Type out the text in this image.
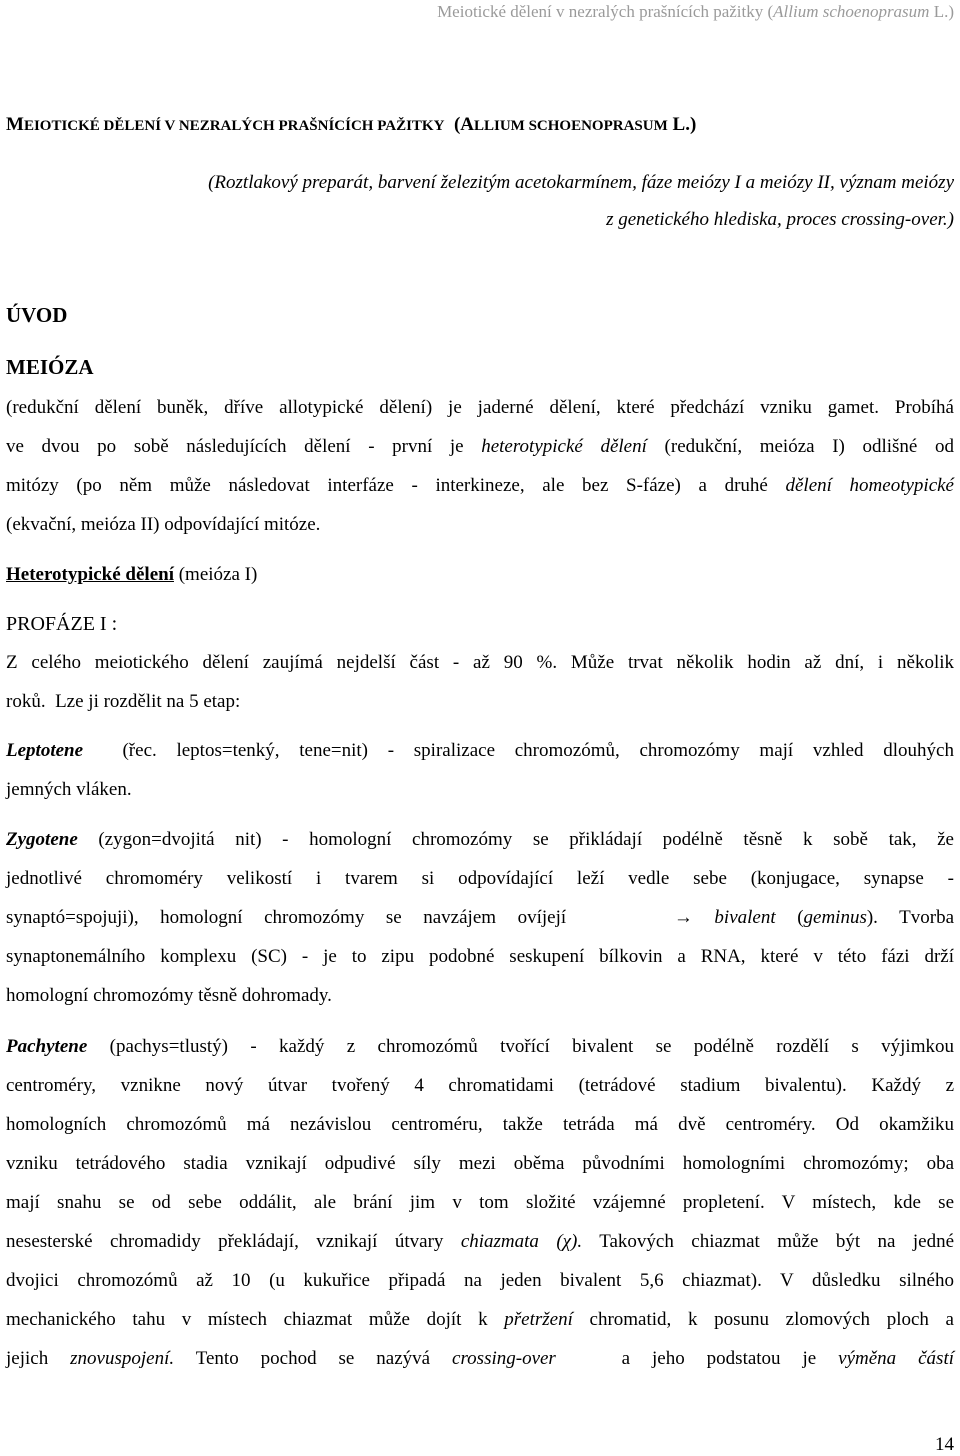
Meiotické dělení v nezralých prašnících pažitky (Allium schoenoprasum L.)
MEIOTICKÉ DĚLENÍ V NEZRALÝCH PRAŠNÍCÍCH PAŽITKY  (ALLIUM SCHOENOPRASUM L.)
(Roztlakový preparát, barvení železitým acetokarmínem, fáze meiózy I a meiózy II, význam meiózy
z genetického hlediska, proces crossing-over.)
ÚVOD
MEIÓZA
(redukční dělení buněk, dříve allotypické dělení) je jaderné dělení, které předchází vzniku gamet. Probíhá
ve dvou po sobě následujících dělení - první je heterotypické dělení (redukční, meióza I) odlišné od
mitózy (po něm může následovat interfáze - interkineze, ale bez S-fáze) a druhé dělení homeotypické
(ekvační, meióza II) odpovídající mitóze.
Heterotypické dělení (meióza I)
PROFÁZE I :
Z celého meiotického dělení zaujímá nejdelší část - až 90 %. Může trvat několik hodin až dní, i několik
roků.  Lze ji rozdělit na 5 etap:
Leptotene  (řec. leptos=tenký, tene=nit) - spiralizace chromozómů, chromozómy mají vzhled dlouhých
jemných vláken.
Zygotene (zygon=dvojitá nit) - homologní chromozómy se přikládají podélně těsně k sobě tak, že
jednotlivé chromoméry velikostí i tvarem si odpovídající leží vedle sebe (konjugace, synapse -
synaptó=spojuji), homologní chromozómy se navzájem ovíjejí     → bivalent (geminus). Tvorba
synaptonemálního komplexu (SC) - je to zipu podobné seskupení bílkovin a RNA, které v této fázi drží
homologní chromozómy těsně dohromady.
Pachytene (pachys=tlustý) - každý z chromozómů tvořící bivalent se podélně rozdělí s výjimkou
centroméry, vznikne nový útvar tvořený 4 chromatidami (tetrádové stadium bivalentu). Každý z
homologních chromozómů má nezávislou centroméru, takže tetráda má dvě centroméry. Od okamžiku
vzniku tetrádového stadia vznikají odpudivé síly mezi oběma původními homologními chromozómy; oba
mají snahu se od sebe oddálit, ale brání jim v tom složité vzájemné propletení. V místech, kde se
nesesterské chromadidy překládají, vznikají útvary chiazmata (χ). Takových chiazmat může být na jedné
dvojici chromozómů až 10 (u kukuřice připadá na jeden bivalent 5,6 chiazmat). V důsledku silného
mechanického tahu v místech chiazmat může dojít k přetržení chromatid, k posunu zlomových ploch a
jejich znovuspojení. Tento pochod se nazývá crossing-over   a jeho podstatou je výměna částí
14
